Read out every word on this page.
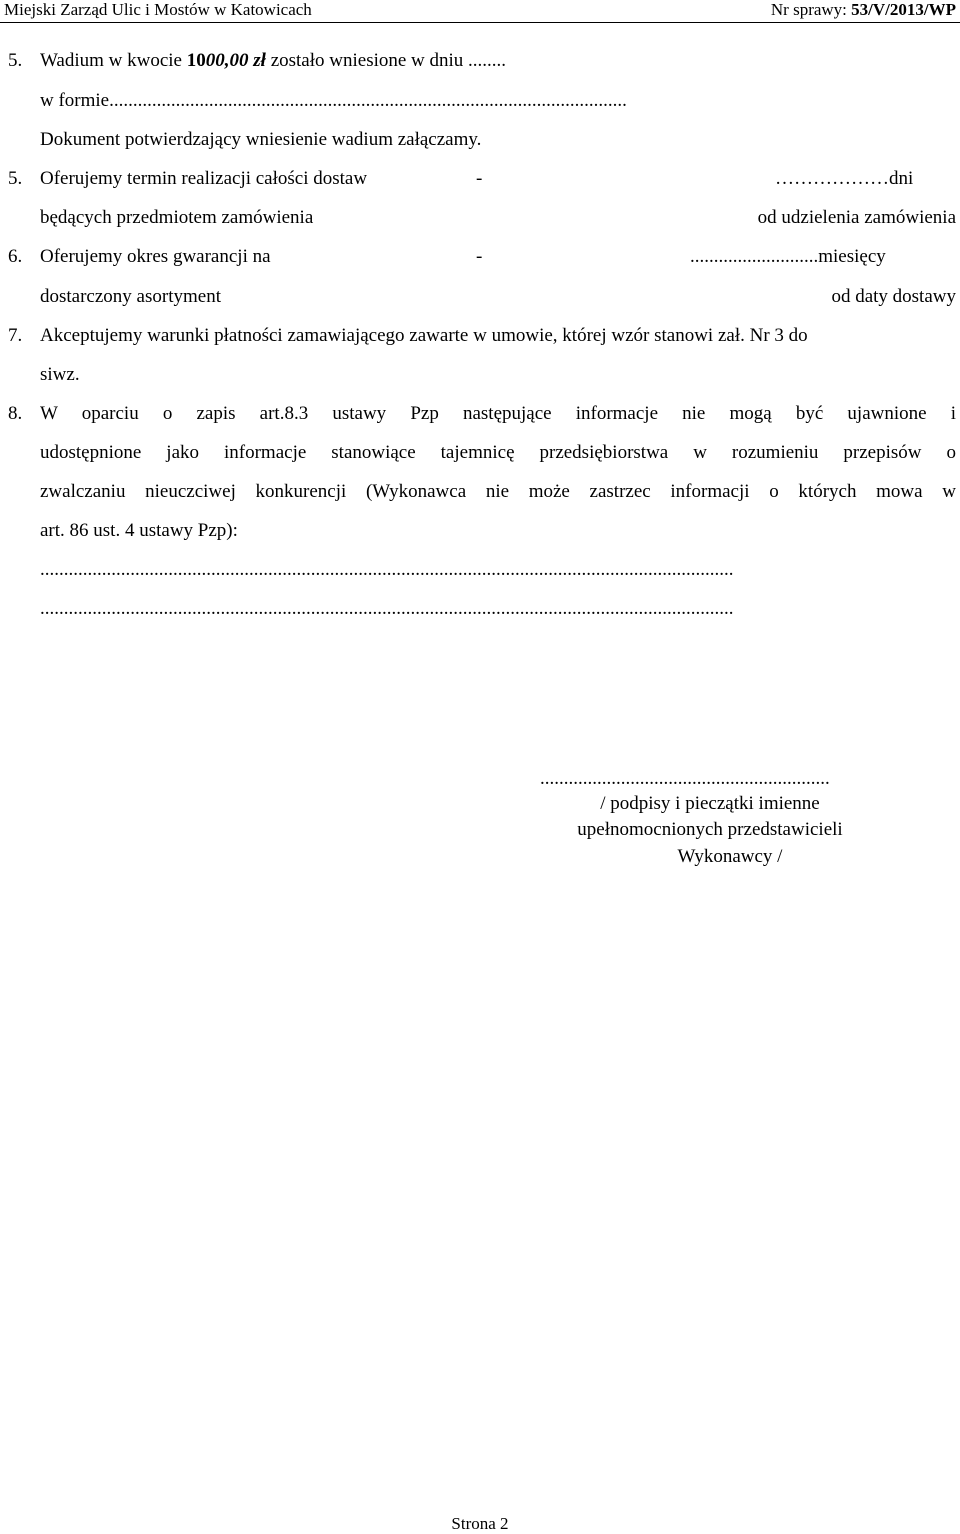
Miejski Zarząd Ulic i Mostów w Katowicach	Nr sprawy: 53/V/2013/WP
5. Wadium w kwocie 1000,00 zł zostało wniesione w dniu ........
w formie.............................................................................................................
Dokument potwierdzający wniesienie wadium załączamy.
5. Oferujemy termin realizacji całości dostaw	-	………………dni
będących przedmiotem zamówienia	od udzielenia zamówienia
6. Oferujemy okres gwarancji na	-	...........................miesięcy
dostarczony asortyment	od daty dostawy
7. Akceptujemy warunki płatności zamawiającego zawarte w umowie, której wzór stanowi zał. Nr 3 do
siwz.
8. W oparciu o zapis art.8.3 ustawy Pzp następujące informacje nie mogą być ujawnione i
udostępnione jako informacje stanowiące tajemnicę przedsiębiorstwa w rozumieniu przepisów o
zwalczaniu nieuczciwej konkurencji (Wykonawca nie może zastrzec informacji o których mowa w
art. 86 ust. 4 ustawy Pzp):
..................................................................................................................................................
..................................................................................................................................................
.............................................................
/ podpisy i pieczątki imienne
upełnomocnionych przedstawicieli
Wykonawcy /
Strona 2
